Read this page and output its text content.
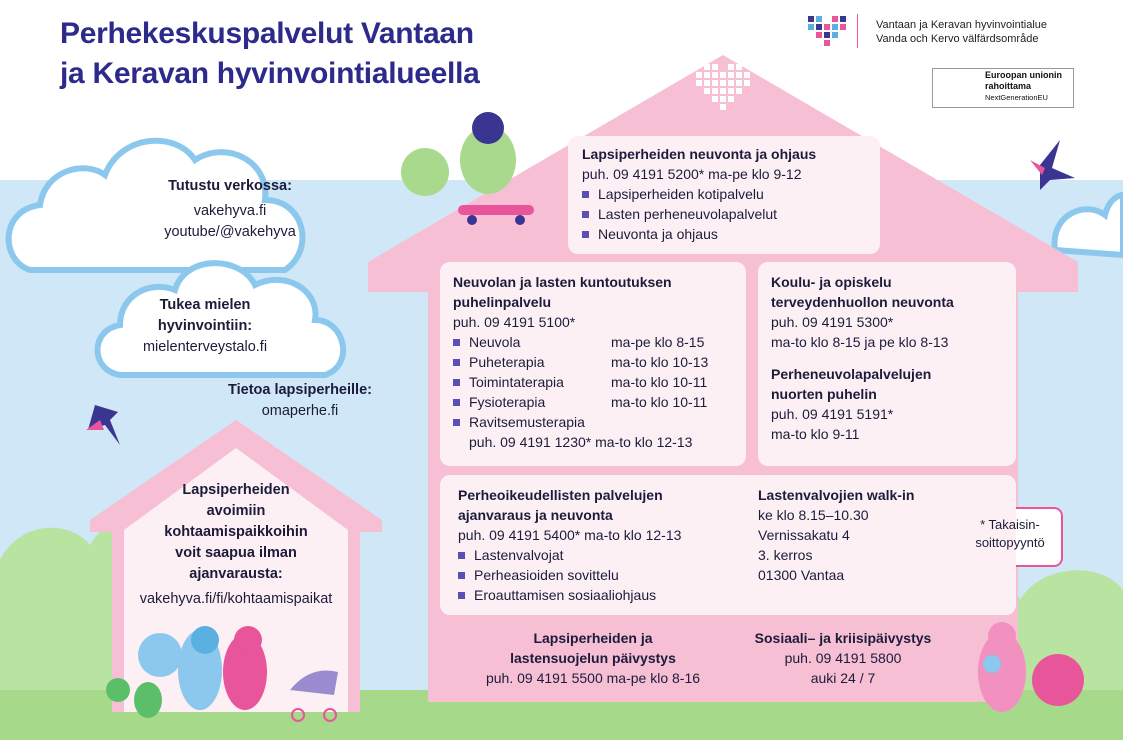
Perhekeskuspalvelut Vantaan
ja Keravan hyvinvointialueella
Vantaan ja Keravan hyvinvointialue
Vanda och Kervo välfärdsområde
Euroopan unionin
rahoittama
NextGenerationEU
Tutustu verkossa:
vakehyva.fi
youtube/@vakehyva
Tukea mielen
hyvinvointiin:
mielenterveystalo.fi
Tietoa lapsiperheille:
omaperhe.fi
Lapsiperheiden
avoimiin
kohtaamispaikkoihin
voit saapua ilman
ajanvarausta:
vakehyva.fi/fi/kohtaamispaikat
Lapsiperheiden neuvonta ja ohjaus
puh. 09 4191 5200* ma-pe klo 9-12
Lapsiperheiden kotipalvelu
Lasten perheneuvolapalvelut
Neuvonta ja ohjaus
Neuvolan ja lasten kuntoutuksen
puhelinpalvelu
puh. 09 4191 5100*
Neuvola	ma-pe klo 8-15
Puheterapia	ma-to klo 10-13
Toimintaterapia	ma-to klo 10-11
Fysioterapia	ma-to klo 10-11
Ravitsemusterapia
puh. 09 4191 1230* ma-to klo 12-13
Koulu- ja opiskelu
terveydenhuollon neuvonta
puh. 09 4191 5300*
ma-to klo 8-15 ja pe klo 8-13
Perheneuvolapalvelujen
nuorten puhelin
puh. 09 4191 5191*
ma-to klo 9-11
Perheoikeudellisten palvelujen
ajanvaraus ja neuvonta
puh. 09 4191 5400* ma-to klo 12-13
Lastenvalvojat
Perheasioiden sovittelu
Eroauttamisen sosiaaliohjaus
Lastenvalvojien walk-in
ke klo 8.15–10.30
Vernissakatu 4
3. kerros
01300 Vantaa
* Takaisin-
soittopyyntö
Lapsiperheiden ja
lastensuojelun päivystys
puh. 09 4191 5500 ma-pe klo 8-16
Sosiaali– ja kriisipäivystys
puh. 09 4191 5800
auki 24 / 7
